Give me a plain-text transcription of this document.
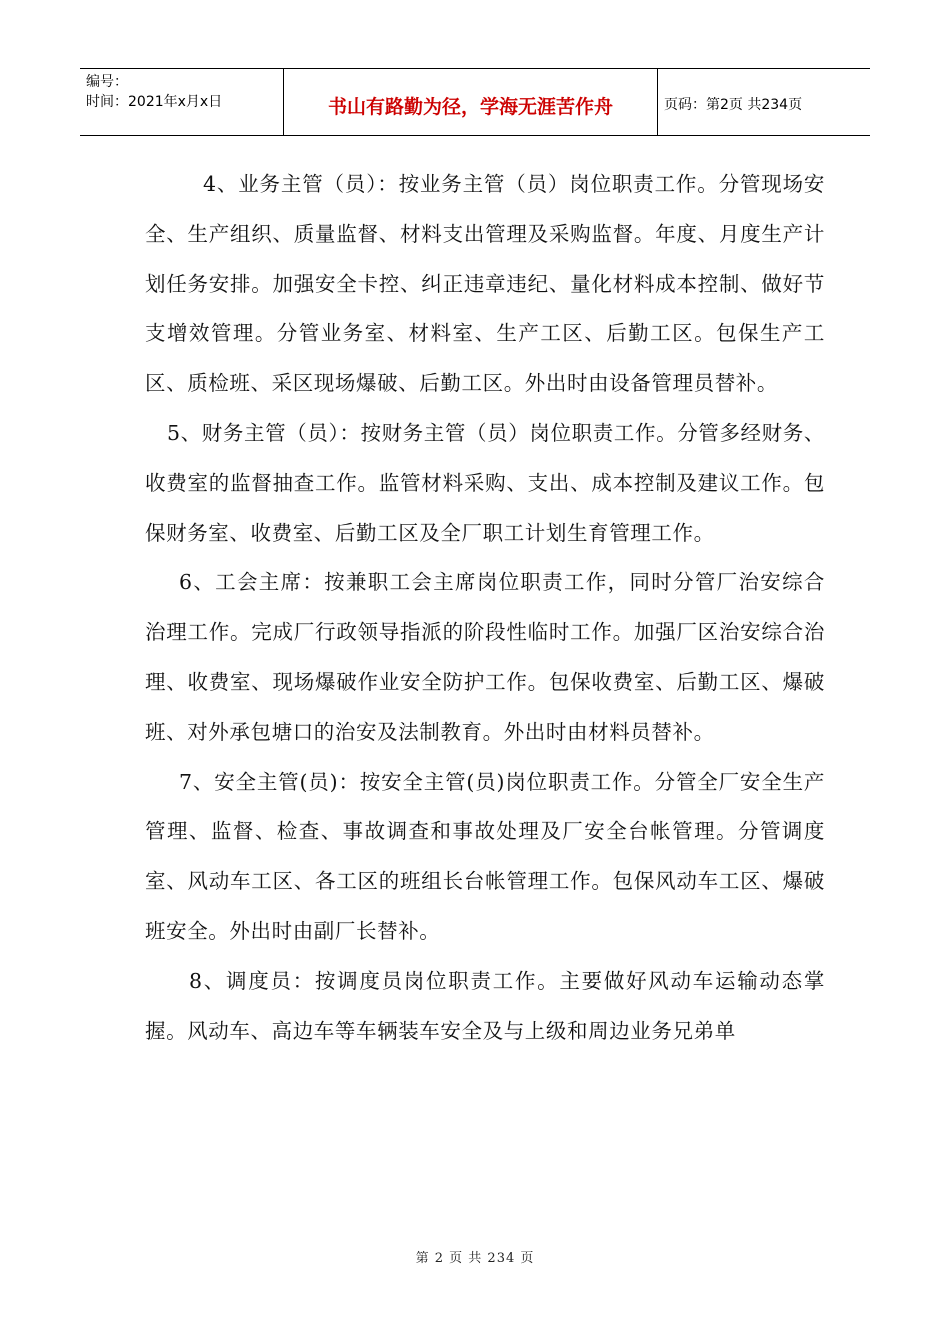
编号：
时间：2021年x月x日	书山有路勤为径，学海无涯苦作舟	页码：第2页 共234页

4、业务主管（员）：按业务主管（员）岗位职责工作。分管现场安全、生产组织、质量监督、材料支出管理及采购监督。年度、月度生产计划任务安排。加强安全卡控、纠正违章违纪、量化材料成本控制、做好节支增效管理。分管业务室、材料室、生产工区、后勤工区。包保生产工区、质检班、采区现场爆破、后勤工区。外出时由设备管理员替补。

5、财务主管（员）：按财务主管（员）岗位职责工作。分管多经财务、收费室的监督抽查工作。监管材料采购、支出、成本控制及建议工作。包保财务室、收费室、后勤工区及全厂职工计划生育管理工作。

6、工会主席：按兼职工会主席岗位职责工作，同时分管厂治安综合治理工作。完成厂行政领导指派的阶段性临时工作。加强厂区治安综合治理、收费室、现场爆破作业安全防护工作。包保收费室、后勤工区、爆破班、对外承包塘口的治安及法制教育。外出时由材料员替补。

7、安全主管(员)：按安全主管(员)岗位职责工作。分管全厂安全生产管理、监督、检查、事故调查和事故处理及厂安全台帐管理。分管调度室、风动车工区、各工区的班组长台帐管理工作。包保风动车工区、爆破班安全。外出时由副厂长替补。

8、调度员：按调度员岗位职责工作。主要做好风动车运输动态掌握。风动车、高边车等车辆装车安全及与上级和周边业务兄弟单

第 2 页 共 234 页
